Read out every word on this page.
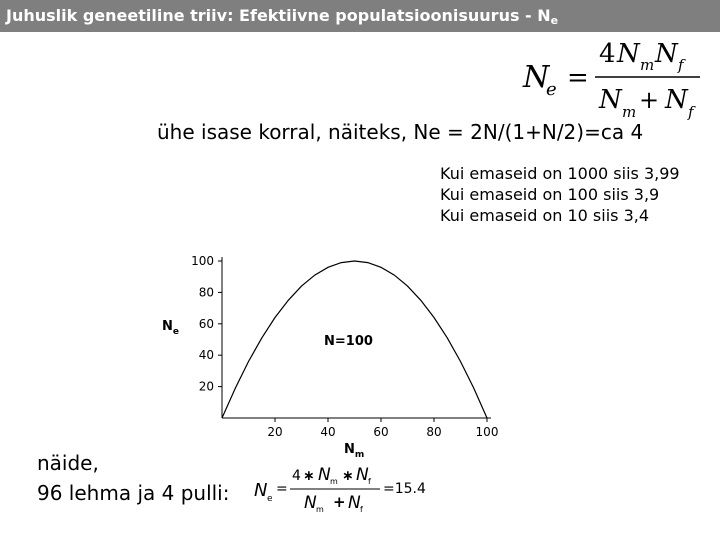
Juhuslik geneetiline triiv: Efektiivne populatsioonisuurus - $N_e$
N
e =
4 N m N f
N m + N f
ühe isase korral, näiteks, Ne = 2N/(1+N/2)=ca 4
Kui emaseid on 1000 siis 3,99
Kui emaseid on 100 siis 3,9
Kui emaseid on 10 siis 3,4
20
40
60
80
100
20	40	60	80	100
$N_e$
$N_m$
N=100
näide,
96 lehma ja 4 pulli: N e
=
4 ∗ N m ∗ N f
N m + N f
=15.4
